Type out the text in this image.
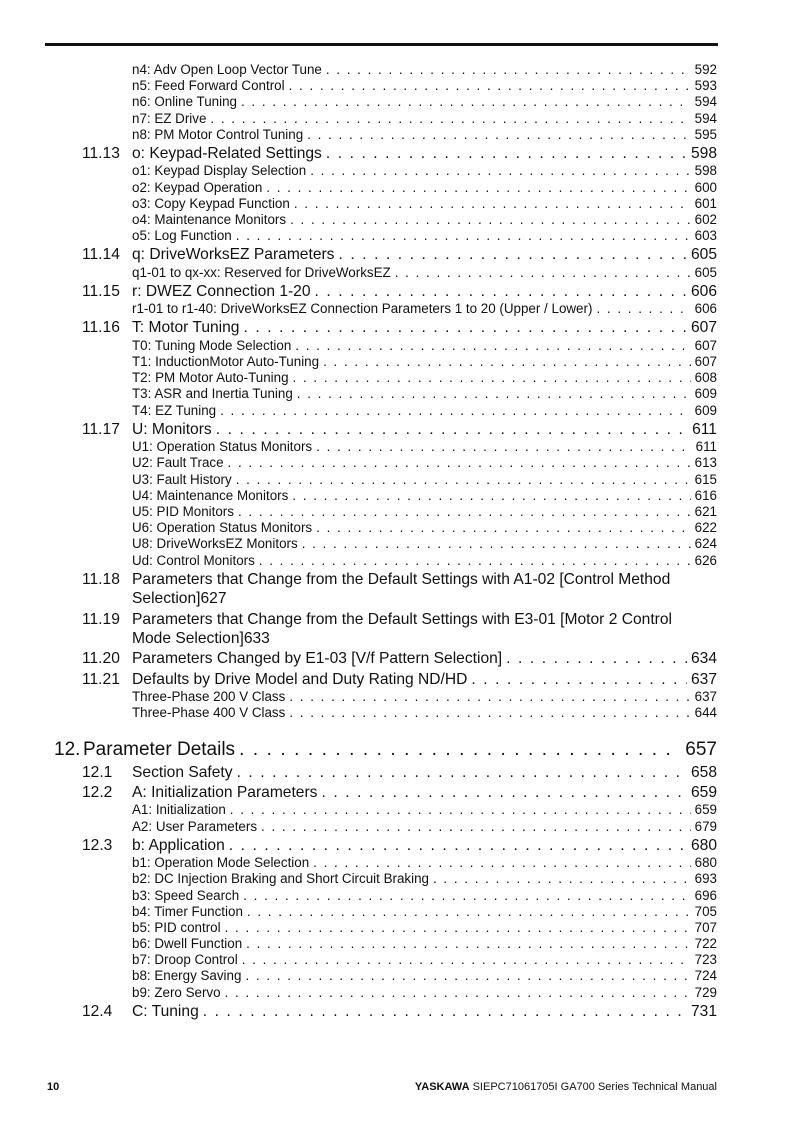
n4: Adv Open Loop Vector Tune . . .	592
n5: Feed Forward Control . . .	593
n6: Online Tuning . . .	594
n7: EZ Drive . . .	594
n8: PM Motor Control Tuning . . .	595
11.13 o: Keypad-Related Settings . . .	598
o1: Keypad Display Selection . . .	598
o2: Keypad Operation . . .	600
o3: Copy Keypad Function . . .	601
o4: Maintenance Monitors . . .	602
o5: Log Function . . .	603
11.14 q: DriveWorksEZ Parameters . . .	605
q1-01 to qx-xx: Reserved for DriveWorksEZ . . .	605
11.15 r: DWEZ Connection 1-20 . . .	606
r1-01 to r1-40: DriveWorksEZ Connection Parameters 1 to 20 (Upper / Lower) . . .	606
11.16 T: Motor Tuning . . .	607
T0: Tuning Mode Selection . . .	607
T1: InductionMotor Auto-Tuning . . .	607
T2: PM Motor Auto-Tuning . . .	608
T3: ASR and Inertia Tuning . . .	609
T4: EZ Tuning . . .	609
11.17 U: Monitors . . .	611
U1: Operation Status Monitors . . .	611
U2: Fault Trace . . .	613
U3: Fault History . . .	615
U4: Maintenance Monitors . . .	616
U5: PID Monitors . . .	621
U6: Operation Status Monitors . . .	622
U8: DriveWorksEZ Monitors . . .	624
Ud: Control Monitors . . .	626
11.18 Parameters that Change from the Default Settings with A1-02 [Control Method
Selection] 627
11.19 Parameters that Change from the Default Settings with E3-01 [Motor 2 Control
Mode Selection] 633
11.20 Parameters Changed by E1-03 [V/f Pattern Selection] . . .	634
11.21 Defaults by Drive Model and Duty Rating ND/HD . . .	637
Three-Phase 200 V Class . . .	637
Three-Phase 400 V Class . . .	644
12. Parameter Details . . .	657
12.1	Section Safety . . .	658
12.2	A: Initialization Parameters . . .	659
A1: Initialization . . .	659
A2: User Parameters . . .	679
12.3	b: Application . . .	680
b1: Operation Mode Selection . . .	680
b2: DC Injection Braking and Short Circuit Braking . . .	693
b3: Speed Search . . .	696
b4: Timer Function . . .	705
b5: PID control . . .	707
b6: Dwell Function . . .	722
b7: Droop Control . . .	723
b8: Energy Saving . . .	724
b9: Zero Servo . . .	729
12.4	C: Tuning . . .	731
10	YASKAWA SIEPC71061705I GA700 Series Technical Manual
